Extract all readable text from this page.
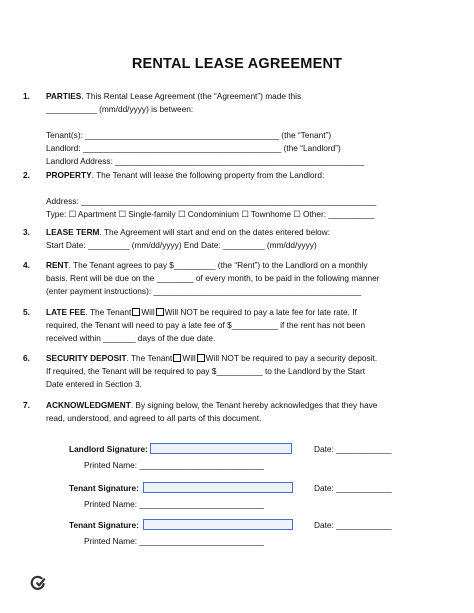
RENTAL LEASE AGREEMENT
1. PARTIES. This Rental Lease Agreement (the “Agreement”) made this
___________ (mm/dd/yyyy) is between:
Tenant(s): __________________________________________ (the “Tenant”)
Landlord: ___________________________________________ (the “Landlord”)
Landlord Address: ______________________________________________________
2. PROPERTY. The Tenant will lease the following property from the Landlord:
Address: ________________________________________________________________
Type: ☐ Apartment ☐ Single-family ☐ Condominium ☐ Townhome ☐ Other: __________
3. LEASE TERM. The Agreement will start and end on the dates entered below:
Start Date: _________ (mm/dd/yyyy) End Date: _________ (mm/dd/yyyy)
4. RENT. The Tenant agrees to pay $_________ (the “Rent”) to the Landlord on a monthly
basis. Rent will be due on the ________ of every month, to be paid in the following manner
(enter payment instructions): _____________________________________________
5. LATE FEE. The Tenant Will Will NOT be required to pay a late fee for late rate. If
required, the Tenant will need to pay a late fee of $__________ if the rent has not been
received within _______ days of the due date.
6. SECURITY DEPOSIT. The Tenant Will Will NOT be required to pay a security deposit.
If required, the Tenant will be required to pay $__________ to the Landlord by the Start
Date entered in Section 3.
7. ACKNOWLEDGMENT. By signing below, the Tenant hereby acknowledges that they have
read, understood, and agreed to all parts of this document.
Landlord Signature:	Date: ____________
Printed Name: ___________________________
Tenant Signature:	Date: ____________
Printed Name: ___________________________
Tenant Signature:	Date: ____________
Printed Name: ___________________________
